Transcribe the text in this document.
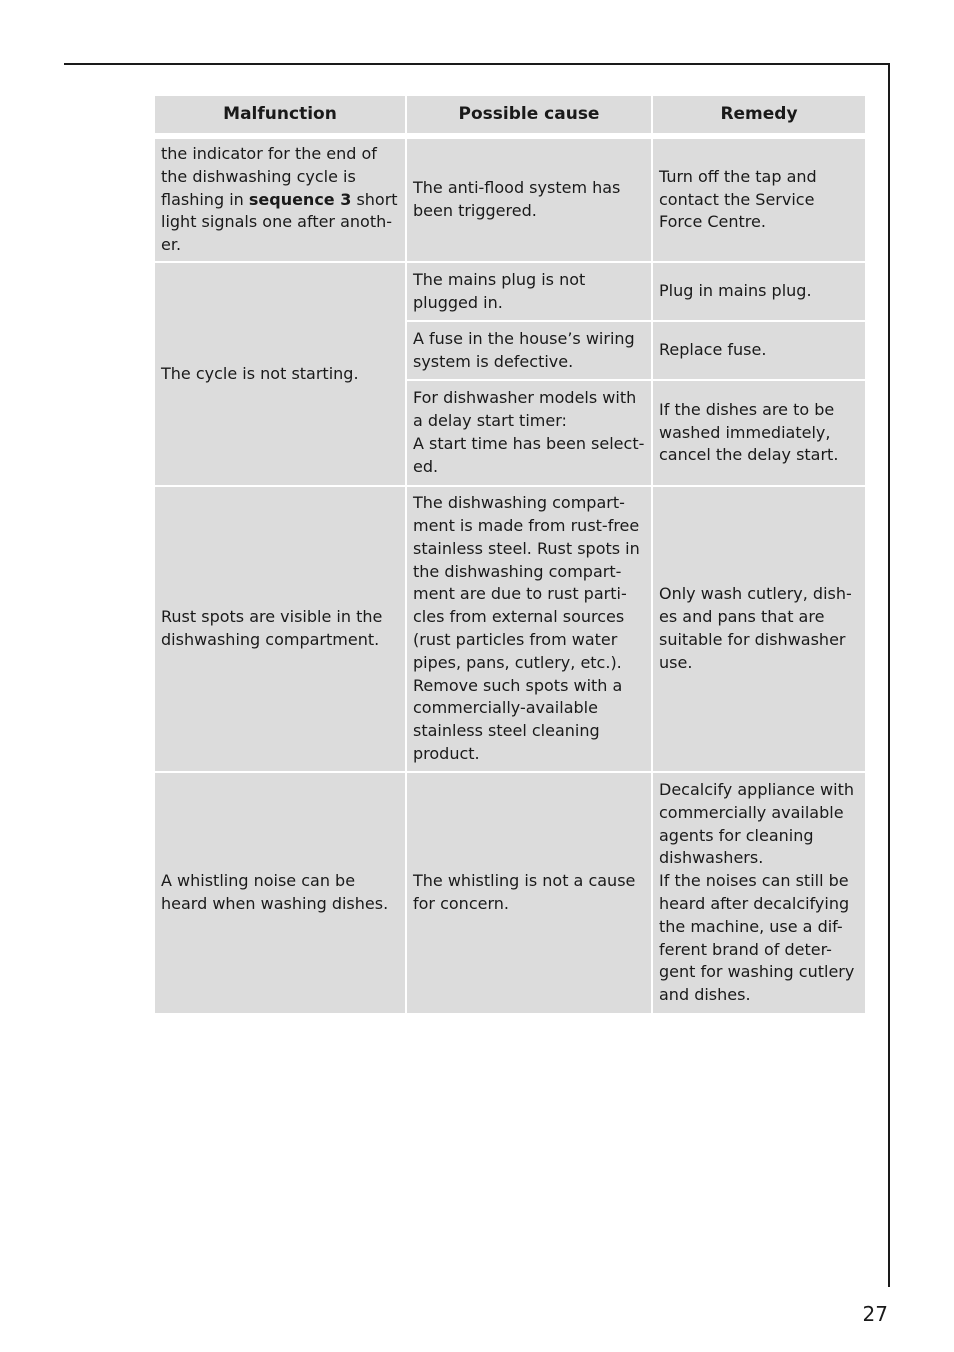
Malfunction	Possible cause	Remedy
the indicator for the end of
the dishwashing cycle is
flashing in sequence 3 short
light signals one after anoth-
er.
The anti-flood system has
been triggered.
Turn off the tap and
contact the Service
Force Centre.
The cycle is not starting.
The mains plug is not
plugged in.
Plug in mains plug.
A fuse in the house’s wiring
system is defective.
Replace fuse.
For dishwasher models with
a delay start timer:
A start time has been select-
ed.
If the dishes are to be
washed immediately,
cancel the delay start.
Rust spots are visible in the
dishwashing compartment.
The dishwashing compart-
ment is made from rust-free
stainless steel. Rust spots in
the dishwashing compart-
ment are due to rust parti-
cles from external sources
(rust particles from water
pipes, pans, cutlery, etc.).
Remove such spots with a
commercially-available
stainless steel cleaning
product.
Only wash cutlery, dish-
es and pans that are
suitable for dishwasher
use.
A whistling noise can be
heard when washing dishes.
The whistling is not a cause
for concern.
Decalcify appliance with
commercially available
agents for cleaning
dishwashers.
If the noises can still be
heard after decalcifying
the machine, use a dif-
ferent brand of deter-
gent for washing cutlery
and dishes.
27
